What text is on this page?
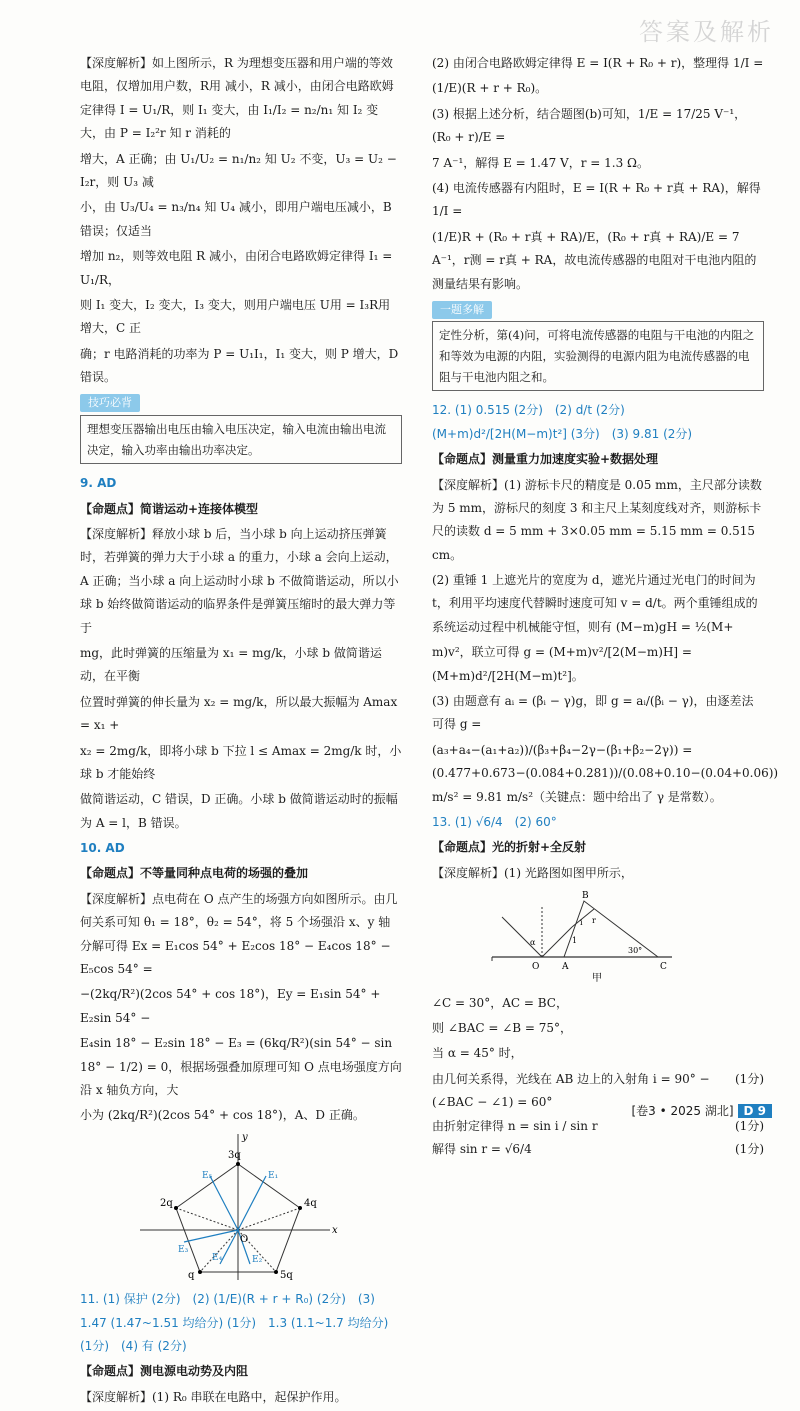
答案及解析

【深度解析】如上图所示，R 为理想变压器和用户端的等效电阻，仅增加用户数，R用 减小，R 减小，由闭合电路欧姆定律得 I = U₁/R，则 I₁ 变大，由 I₁/I₂ = n₂/n₁ 知 I₂ 变大，由 P = I₂²r 知 r 消耗的

增大，A 正确；由 U₁/U₂ = n₁/n₂ 知 U₂ 不变，U₃ = U₂ − I₂r，则 U₃ 减

小，由 U₃/U₄ = n₃/n₄ 知 U₄ 减小，即用户端电压减小，B 错误；仅适当

增加 n₂，则等效电阻 R 减小，由闭合电路欧姆定律得 I₁ = U₁/R，

则 I₁ 变大，I₂ 变大，I₃ 变大，则用户端电压 U用 = I₃R用 增大，C 正

确；r 电路消耗的功率为 P = U₁I₁，I₁ 变大，则 P 增大，D 错误。

技巧必背
理想变压器输出电压由输入电压决定，输入电流由输出电流决定，输入功率由输出功率决定。

9. AD

【命题点】简谐运动+连接体模型

【深度解析】释放小球 b 后，当小球 b 向上运动挤压弹簧时，若弹簧的弹力大于小球 a 的重力，小球 a 会向上运动，A 正确；当小球 a 向上运动时小球 b 不做简谐运动，所以小球 b 始终做简谐运动的临界条件是弹簧压缩时的最大弹力等于

mg，此时弹簧的压缩量为 x₁ = mg/k，小球 b 做简谐运动，在平衡

位置时弹簧的伸长量为 x₂ = mg/k，所以最大振幅为 Amax = x₁ +

x₂ = 2mg/k，即将小球 b 下拉 l ≤ Amax = 2mg/k 时，小球 b 才能始终

做简谐运动，C 错误，D 正确。小球 b 做简谐运动时的振幅为 A = l，B 错误。

10. AD

【命题点】不等量同种点电荷的场强的叠加

【深度解析】点电荷在 O 点产生的场强方向如图所示。由几何关系可知 θ₁ = 18°，θ₂ = 54°，将 5 个场强沿 x、y 轴分解可得 Ex = E₁cos 54° + E₂cos 18° − E₄cos 18° − E₅cos 54° =

−(2kq/R²)(2cos 54° + cos 18°)，Ey = E₁sin 54° + E₂sin 54° −

E₄sin 18° − E₂sin 18° − E₃ = (6kq/R²)(sin 54° − sin 18° − 1/2) = 0，根据场强叠加原理可知 O 点电场强度方向沿 x 轴负方向，大

小为 (2kq/R²)(2cos 54° + cos 18°)，A、D 正确。

x
y
3q
4q
5q
q
2q
O
E₅	E₁
E₃
E₂
E₄

11. (1) 保护 (2分)　(2) (1/E)(R + r + R₀) (2分)　(3) 1.47 (1.47~1.51 均给分) (1分)　1.3 (1.1~1.7 均给分) (1分)　(4) 有 (2分)

【命题点】测电源电动势及内阻

【深度解析】(1) R₀ 串联在电路中，起保护作用。

(2) 由闭合电路欧姆定律得 E = I(R + R₀ + r)，整理得 1/I =

(1/E)(R + r + R₀)。

(3) 根据上述分析，结合题图(b)可知，1/E = 17/25 V⁻¹，(R₀ + r)/E =

7 A⁻¹，解得 E = 1.47 V，r = 1.3 Ω。

(4) 电流传感器有内阻时，E = I(R + R₀ + r真 + RA)，解得 1/I =

(1/E)R + (R₀ + r真 + RA)/E，(R₀ + r真 + RA)/E = 7 A⁻¹，r测 = r真 + RA，故电流传感器的电阻对干电池内阻的测量结果有影响。

一题多解
定性分析，第(4)问，可将电流传感器的电阻与干电池的内阻之和等效为电源的内阻，实验测得的电源内阻为电流传感器的电阻与干电池内阻之和。

12. (1) 0.515 (2分)　(2) d/t (2分)　(M+m)d²/[2H(M−m)t²] (3分)　(3) 9.81 (2分)

【命题点】测量重力加速度实验+数据处理

【深度解析】(1) 游标卡尺的精度是 0.05 mm，主尺部分读数为 5 mm，游标尺的刻度 3 和主尺上某刻度线对齐，则游标卡尺的读数 d = 5 mm + 3×0.05 mm = 5.15 mm = 0.515 cm。

(2) 重锤 1 上遮光片的宽度为 d，遮光片通过光电门的时间为 t，利用平均速度代替瞬时速度可知 v = d/t。两个重锤组成的系统运动过程中机械能守恒，则有 (M−m)gH = ½(M+

m)v²，联立可得 g = (M+m)v²/[2(M−m)H] = (M+m)d²/[2H(M−m)t²]。

(3) 由题意有 aᵢ = (βᵢ − γ)g，即 g = aᵢ/(βᵢ − γ)，由逐差法可得 g =

(a₃+a₄−(a₁+a₂))/(β₃+β₄−2γ−(β₁+β₂−2γ)) = (0.477+0.673−(0.084+0.281))/(0.08+0.10−(0.04+0.06)) m/s² = 9.81 m/s²（关键点：题中给出了 γ 是常数）。

13. (1) √6/4　(2) 60°

【命题点】光的折射+全反射

【深度解析】(1) 光路图如图甲所示，

O	A	C
B
30°
α	1
i r
甲

∠C = 30°，AC = BC，

则 ∠BAC = ∠B = 75°，

当 α = 45° 时，

由几何关系得，光线在 AB 边上的入射角 i = 90° − (∠BAC − ∠1) = 60°
(1分)
由折射定律得 n = sin i / sin r	(1分)
解得 sin r = √6/4	(1分)
[卷3 • 2025 湖北] D 9
